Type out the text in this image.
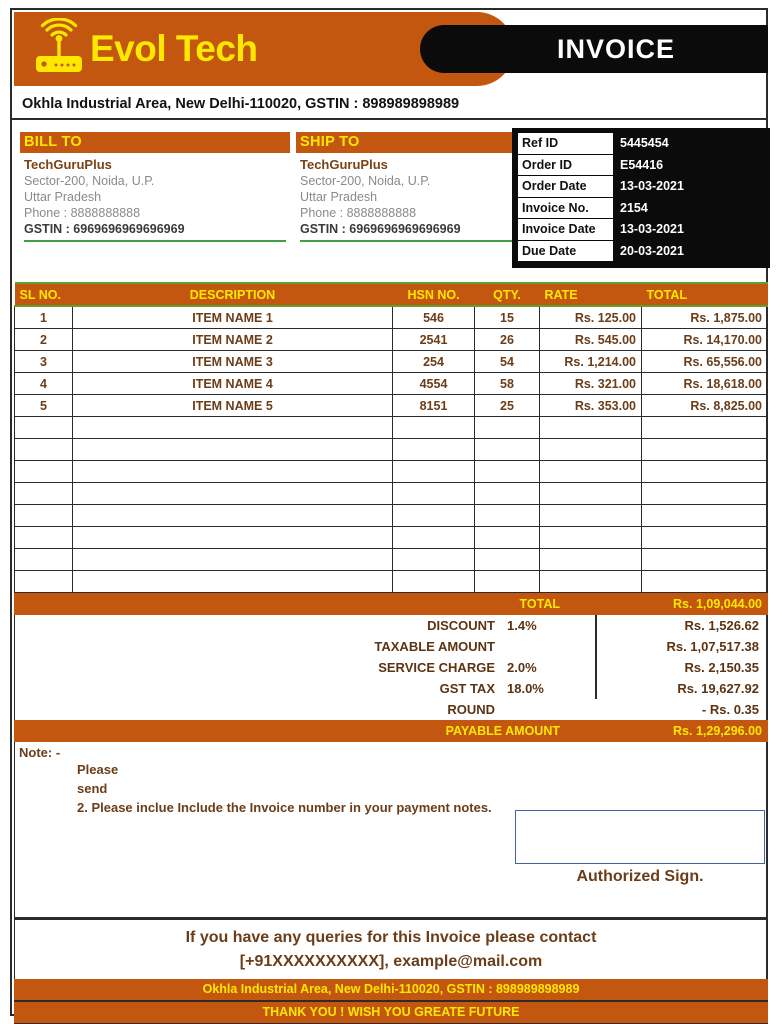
Evol Tech	INVOICE
Okhla Industrial Area, New Delhi-110020, GSTIN : 898989898989
BILL TO
TechGuruPlus
Sector-200, Noida, U.P.
Uttar Pradesh
Phone : 8888888888
GSTIN : 6969696969696969
SHIP TO
TechGuruPlus
Sector-200, Noida, U.P.
Uttar Pradesh
Phone : 8888888888
GSTIN : 6969696969696969
Ref ID	5445454
Order ID	E54416
Order Date	13-03-2021
Invoice No.	2154
Invoice Date	13-03-2021
Due Date	20-03-2021
SL NO.	DESCRIPTION	HSN NO.	QTY.	RATE	TOTAL
1	ITEM NAME 1	546	15	Rs. 125.00	Rs. 1,875.00
2	ITEM NAME 2	2541	26	Rs. 545.00	Rs. 14,170.00
3	ITEM NAME 3	254	54	Rs. 1,214.00	Rs. 65,556.00
4	ITEM NAME 4	4554	58	Rs. 321.00	Rs. 18,618.00
5	ITEM NAME 5	8151	25	Rs. 353.00	Rs. 8,825.00

TOTAL	Rs. 1,09,044.00
DISCOUNT 1.4%	Rs. 1,526.62
TAXABLE AMOUNT	Rs. 1,07,517.38
SERVICE CHARGE 2.0%	Rs. 2,150.35
GST TAX 18.0%	Rs. 19,627.92
ROUND	- Rs. 0.35
PAYABLE AMOUNT	Rs. 1,29,296.00
Note: -
Please
send
2. Please inclue Include the Invoice number in your payment notes.
Authorized Sign.
If you have any queries for this Invoice please contact
[+91XXXXXXXXXX], example@mail.com
Okhla Industrial Area, New Delhi-110020, GSTIN : 898989898989
THANK YOU ! WISH YOU GREATE FUTURE
